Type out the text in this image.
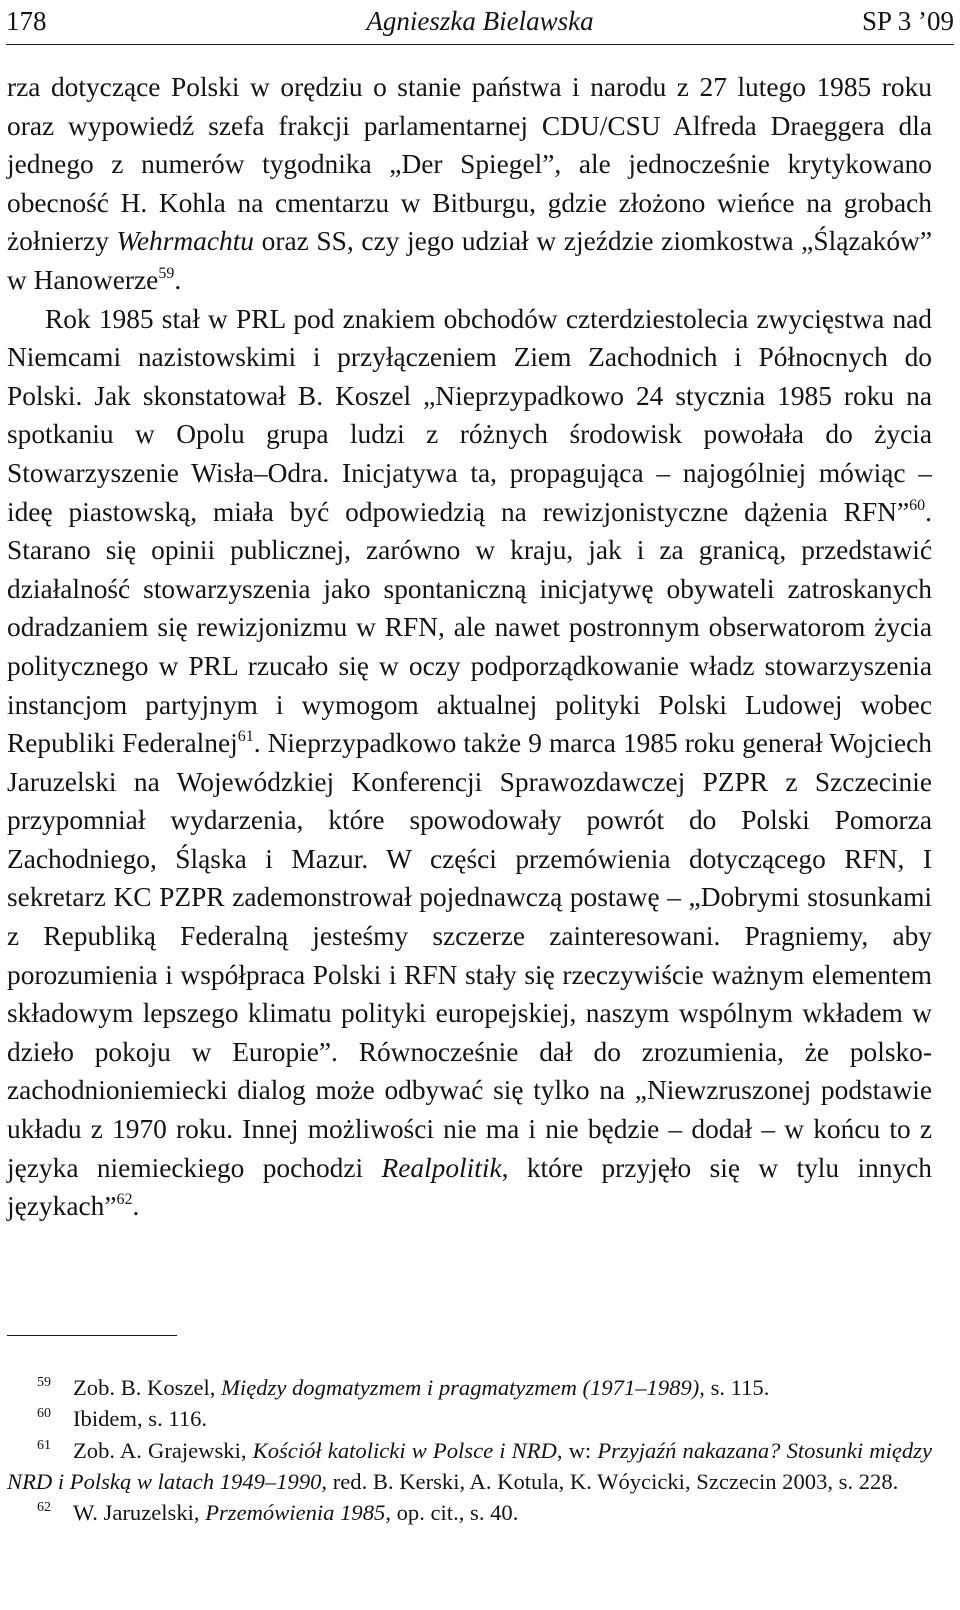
178	Agnieszka Bielawska	SP 3 ’09

rza dotyczące Polski w orędziu o stanie państwa i narodu z 27 lutego 1985 roku oraz wypowiedź szefa frakcji parlamentarnej CDU/CSU Alfreda Draeggera dla jednego z numerów tygodnika „Der Spiegel”, ale jednocześnie krytykowano obecność H. Kohla na cmentarzu w Bitburgu, gdzie złożono wieńce na grobach żołnierzy Wehrmachtu oraz SS, czy jego udział w zjeździe ziomkostwa „Ślązaków” w Hanowerze$^{59}$.

Rok 1985 stał w PRL pod znakiem obchodów czterdziestolecia zwycięstwa nad Niemcami nazistowskimi i przyłączeniem Ziem Zachodnich i Północnych do Polski. Jak skonstatował B. Koszel „Nieprzypadkowo 24 stycznia 1985 roku na spotkaniu w Opolu grupa ludzi z różnych środowisk powołała do życia Stowarzyszenie Wisła–Odra. Inicjatywa ta, propagująca – najogólniej mówiąc – ideę piastowską, miała być odpowiedzią na rewizjonistyczne dążenia RFN”$^{60}$. Starano się opinii publicznej, zarówno w kraju, jak i za granicą, przedstawić działalność stowarzyszenia jako spontaniczną inicjatywę obywateli zatroskanych odradzaniem się rewizjonizmu w RFN, ale nawet postronnym obserwatorom życia politycznego w PRL rzucało się w oczy podporządkowanie władz stowarzyszenia instancjom partyjnym i wymogom aktualnej polityki Polski Ludowej wobec Republiki Federalnej$^{61}$. Nieprzypadkowo także 9 marca 1985 roku generał Wojciech Jaruzelski na Wojewódzkiej Konferencji Sprawozdawczej PZPR z Szczecinie przypomniał wydarzenia, które spowodowały powrót do Polski Pomorza Zachodniego, Śląska i Mazur. W części przemówienia dotyczącego RFN, I sekretarz KC PZPR zademonstrował pojednawczą postawę – „Dobrymi stosunkami z Republiką Federalną jesteśmy szczerze zainteresowani. Pragniemy, aby porozumienia i współpraca Polski i RFN stały się rzeczywiście ważnym elementem składowym lepszego klimatu polityki europejskiej, naszym wspólnym wkładem w dzieło pokoju w Europie”. Równocześnie dał do zrozumienia, że polsko-zachodnioniemiecki dialog może odbywać się tylko na „Niewzruszonej podstawie układu z 1970 roku. Innej możliwości nie ma i nie będzie – dodał – w końcu to z języka niemieckiego pochodzi Realpolitik, które przyjęło się w tylu innych językach”$^{62}$.

$^{59}$ Zob. B. Koszel, Między dogmatyzmem i pragmatyzmem (1971–1989), s. 115.

$^{60}$ Ibidem, s. 116.

$^{61}$ Zob. A. Grajewski, Kościół katolicki w Polsce i NRD, w: Przyjaźń nakazana? Stosunki między NRD i Polską w latach 1949–1990, red. B. Kerski, A. Kotula, K. Wóycicki, Szczecin 2003, s. 228.

$^{62}$ W. Jaruzelski, Przemówienia 1985, op. cit., s. 40.
